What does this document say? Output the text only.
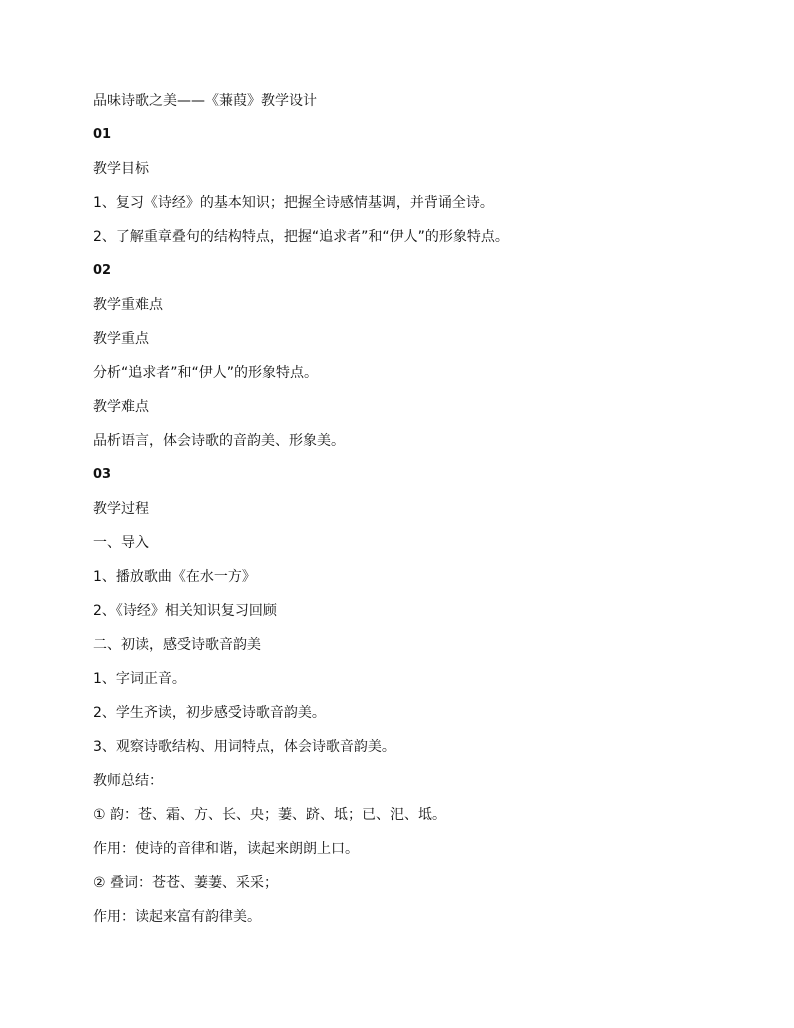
品味诗歌之美——《蒹葭》教学设计
01
教学目标
1、复习《诗经》的基本知识；把握全诗感情基调，并背诵全诗。
2、了解重章叠句的结构特点，把握“追求者”和“伊人”的形象特点。
02
教学重难点
教学重点
分析“追求者”和“伊人”的形象特点。
教学难点
品析语言，体会诗歌的音韵美、形象美。
03
教学过程
一、导入
1、播放歌曲《在水一方》
2、《诗经》相关知识复习回顾
二、初读，感受诗歌音韵美
1、字词正音。
2、学生齐读，初步感受诗歌音韵美。
3、观察诗歌结构、用词特点，体会诗歌音韵美。
教师总结：
① 韵：苍、霜、方、长、央；萋、跻、坻；已、汜、坻。
作用：使诗的音律和谐，读起来朗朗上口。
② 叠词：苍苍、萋萋、采采；
作用：读起来富有韵律美。
